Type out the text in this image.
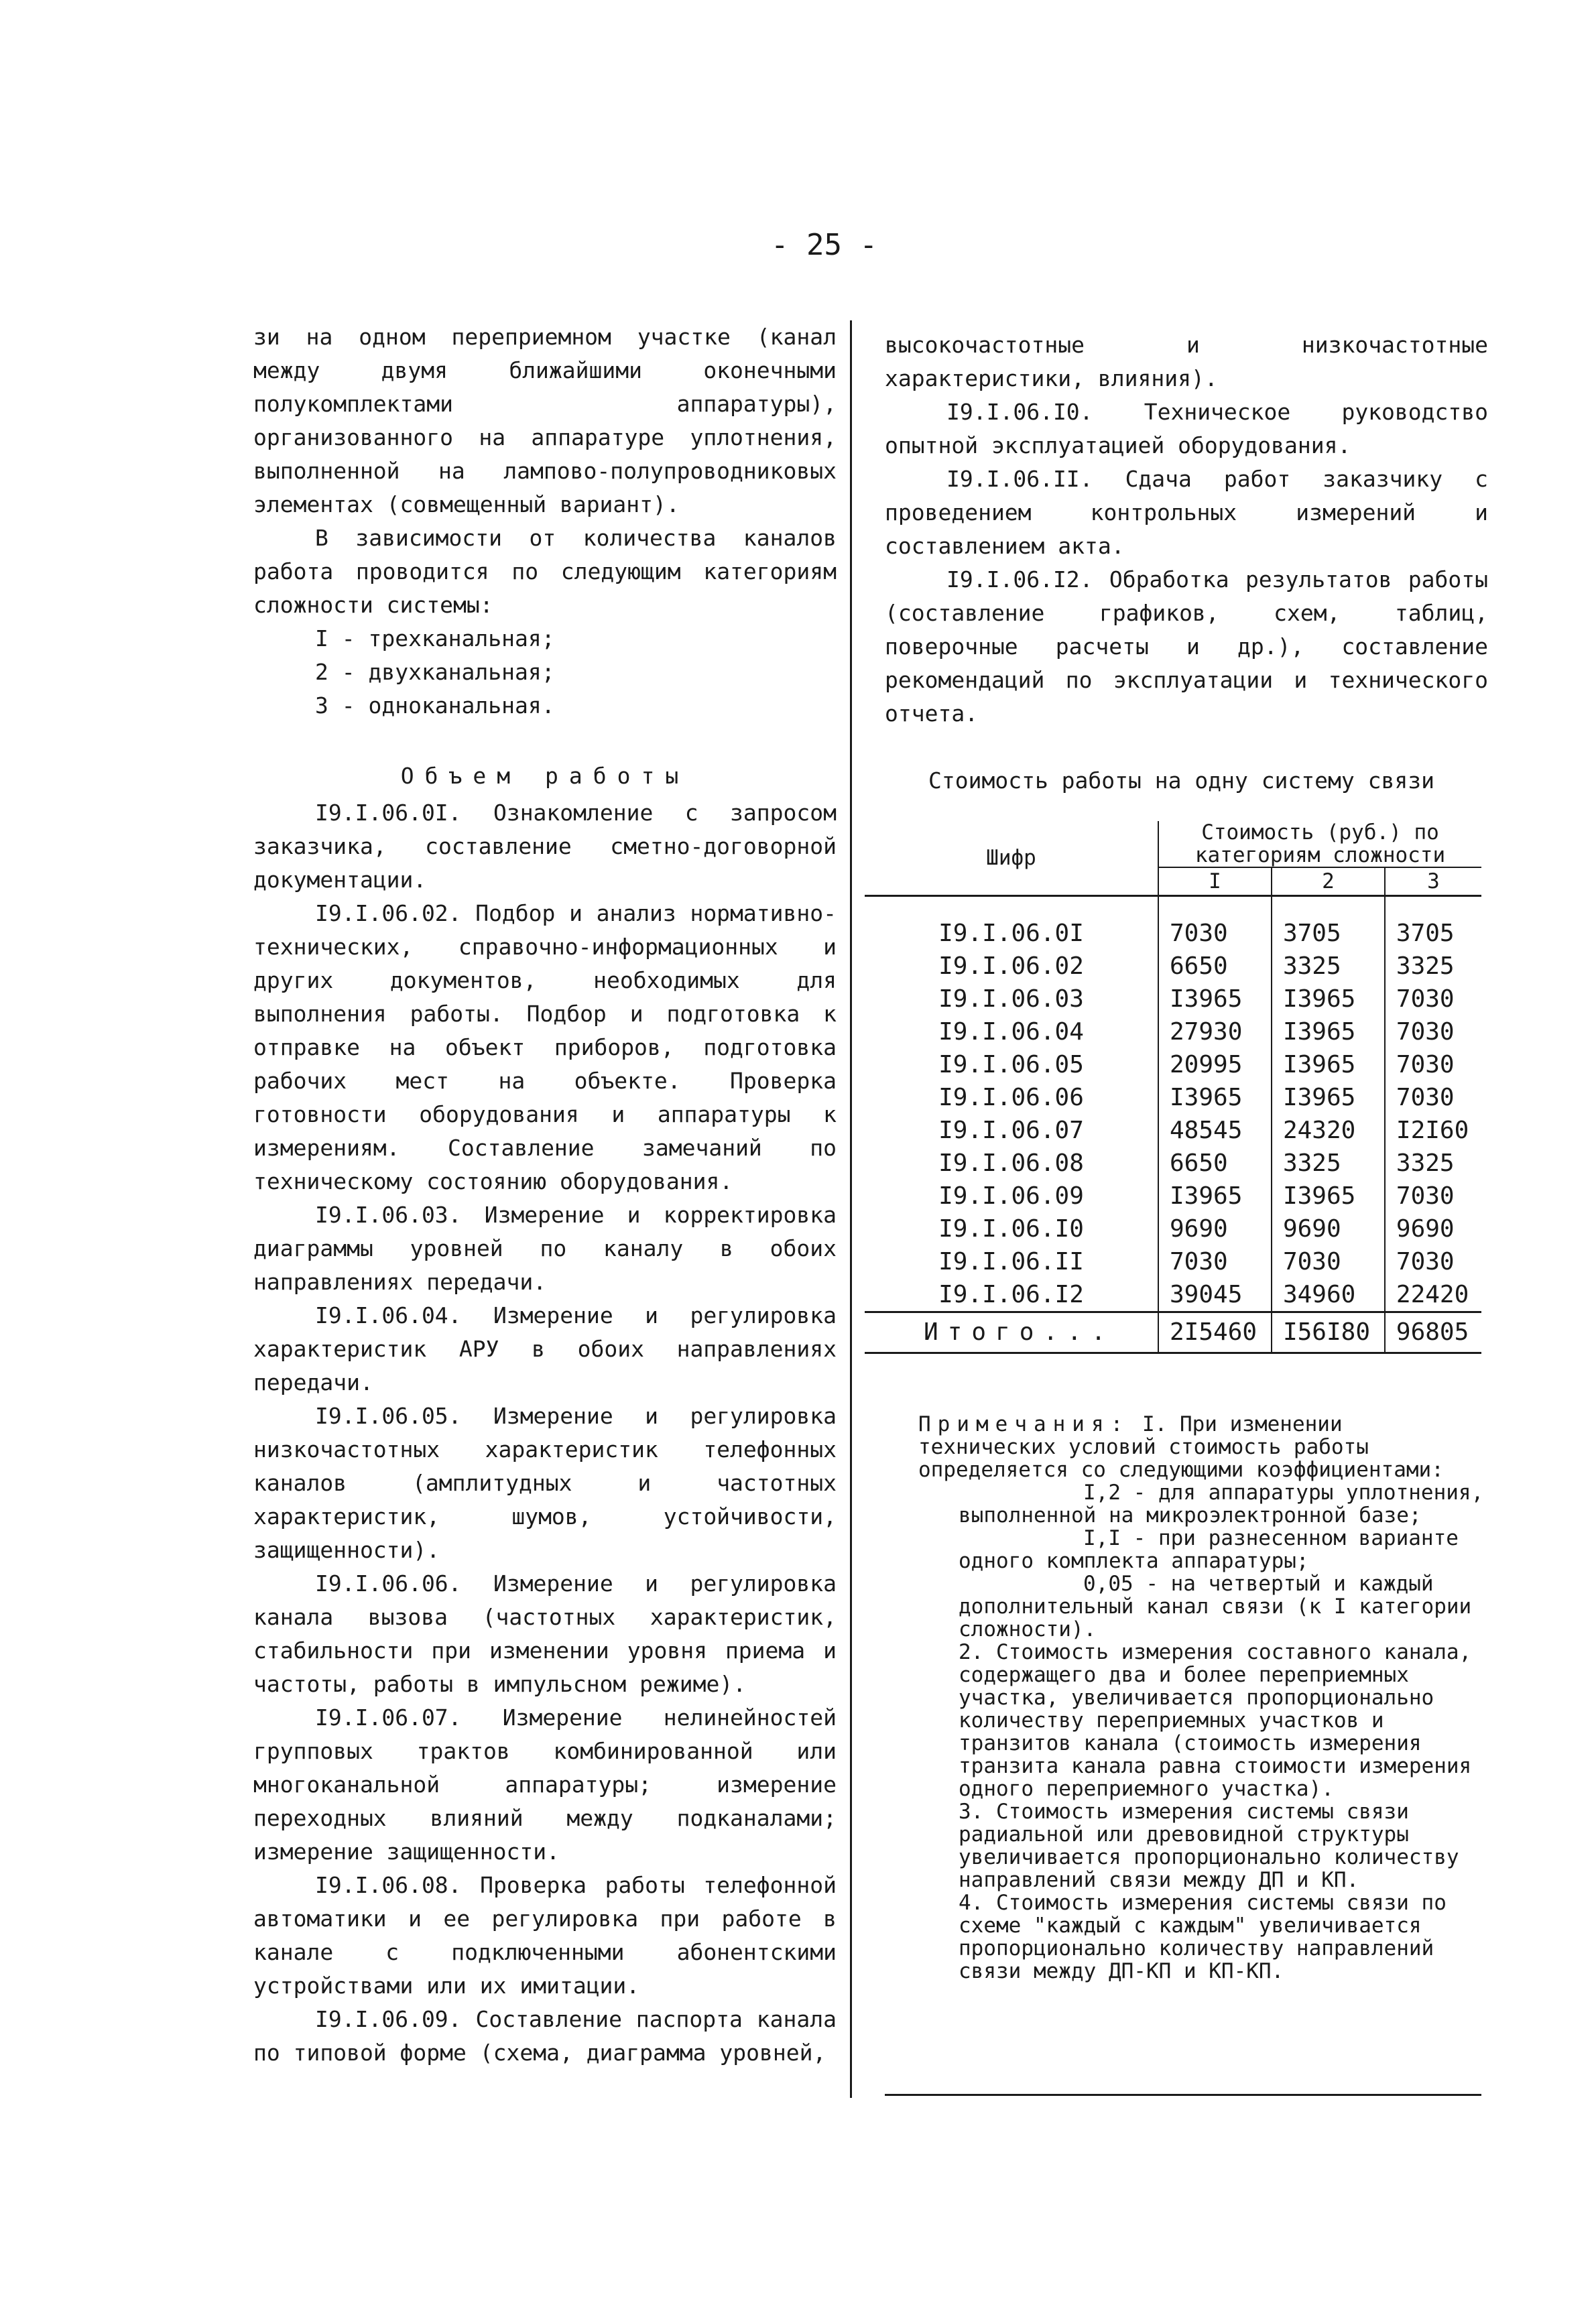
- 25 -

зи на одном переприемном участке (канал между двумя ближайшими оконечными полукомплектами аппаратуры), организованного на аппаратуре уплотнения, выполненной на лампово-полупроводниковых элементах (совмещенный вариант).

В зависимости от количества каналов работа проводится по следующим категориям сложности системы:

I - трехканальная;

2 - двухканальная;

3 - одноканальная.

Объем работы

I9.I.06.0I. Ознакомление с запросом заказчика, составление сметно-договорной документации.

I9.I.06.02. Подбор и анализ нормативно-технических, справочно-информационных и других документов, необходимых для выполнения работы. Подбор и подготовка к отправке на объект приборов, подготовка рабочих мест на объекте. Проверка готовности оборудования и аппаратуры к измерениям. Составление замечаний по техническому состоянию оборудования.

I9.I.06.03. Измерение и корректировка диаграммы уровней по каналу в обоих направлениях передачи.

I9.I.06.04. Измерение и регулировка характеристик АРУ в обоих направлениях передачи.

I9.I.06.05. Измерение и регулировка низкочастотных характеристик телефонных каналов (амплитудных и частотных характеристик, шумов, устойчивости, защищенности).

I9.I.06.06. Измерение и регулировка канала вызова (частотных характеристик, стабильности при изменении уровня приема и частоты, работы в импульсном режиме).

I9.I.06.07. Измерение нелинейностей групповых трактов комбинированной или многоканальной аппаратуры; измерение переходных влияний между подканалами; измерение защищенности.

I9.I.06.08. Проверка работы телефонной автоматики и ее регулировка при работе в канале с подключенными абонентскими устройствами или их имитации.

I9.I.06.09. Составление паспорта канала по типовой форме (схема, диаграмма уровней,

высокочастотные и низкочастотные характеристики, влияния).

I9.I.06.I0. Техническое руководство опытной эксплуатацией оборудования.

I9.I.06.II. Сдача работ заказчику с проведением контрольных измерений и составлением акта.

I9.I.06.I2. Обработка результатов работы (составление графиков, схем, таблиц, поверочные расчеты и др.), составление рекомендаций по эксплуатации и технического отчета.

Стоимость работы на одну систему связи
Шифр	Стоимость (руб.) по категориям сложности		
	I	2	3

I9.I.06.0I	7030	3705	3705
I9.I.06.02	6650	3325	3325
I9.I.06.03	I3965	I3965	7030
I9.I.06.04	27930	I3965	7030
I9.I.06.05	20995	I3965	7030
I9.I.06.06	I3965	I3965	7030
I9.I.06.07	48545	24320	I2I60
I9.I.06.08	6650	3325	3325
I9.I.06.09	I3965	I3965	7030
I9.I.06.I0	9690	9690	9690
I9.I.06.II	7030	7030	7030
I9.I.06.I2	39045	34960	22420
Итого...	2I5460	I56I80	96805

Примечания: I. При изменении технических условий стоимость работы определяется со следующими коэффициентами:

I,2 - для аппаратуры уплотнения, выполненной на микроэлектронной базе;

I,I - при разнесенном варианте одного комплекта аппаратуры;

0,05 - на четвертый и каждый дополнительный канал связи (к I категории сложности).

2. Стоимость измерения составного канала, содержащего два и более переприемных участка, увеличивается пропорционально количеству переприемных участков и транзитов канала (стоимость измерения транзита канала равна стоимости измерения одного переприемного участка).

3. Стоимость измерения системы связи радиальной или древовидной структуры увеличивается пропорционально количеству направлений связи между ДП и КП.

4. Стоимость измерения системы связи по схеме "каждый с каждым" увеличивается пропорционально количеству направлений связи между ДП-КП и КП-КП.
